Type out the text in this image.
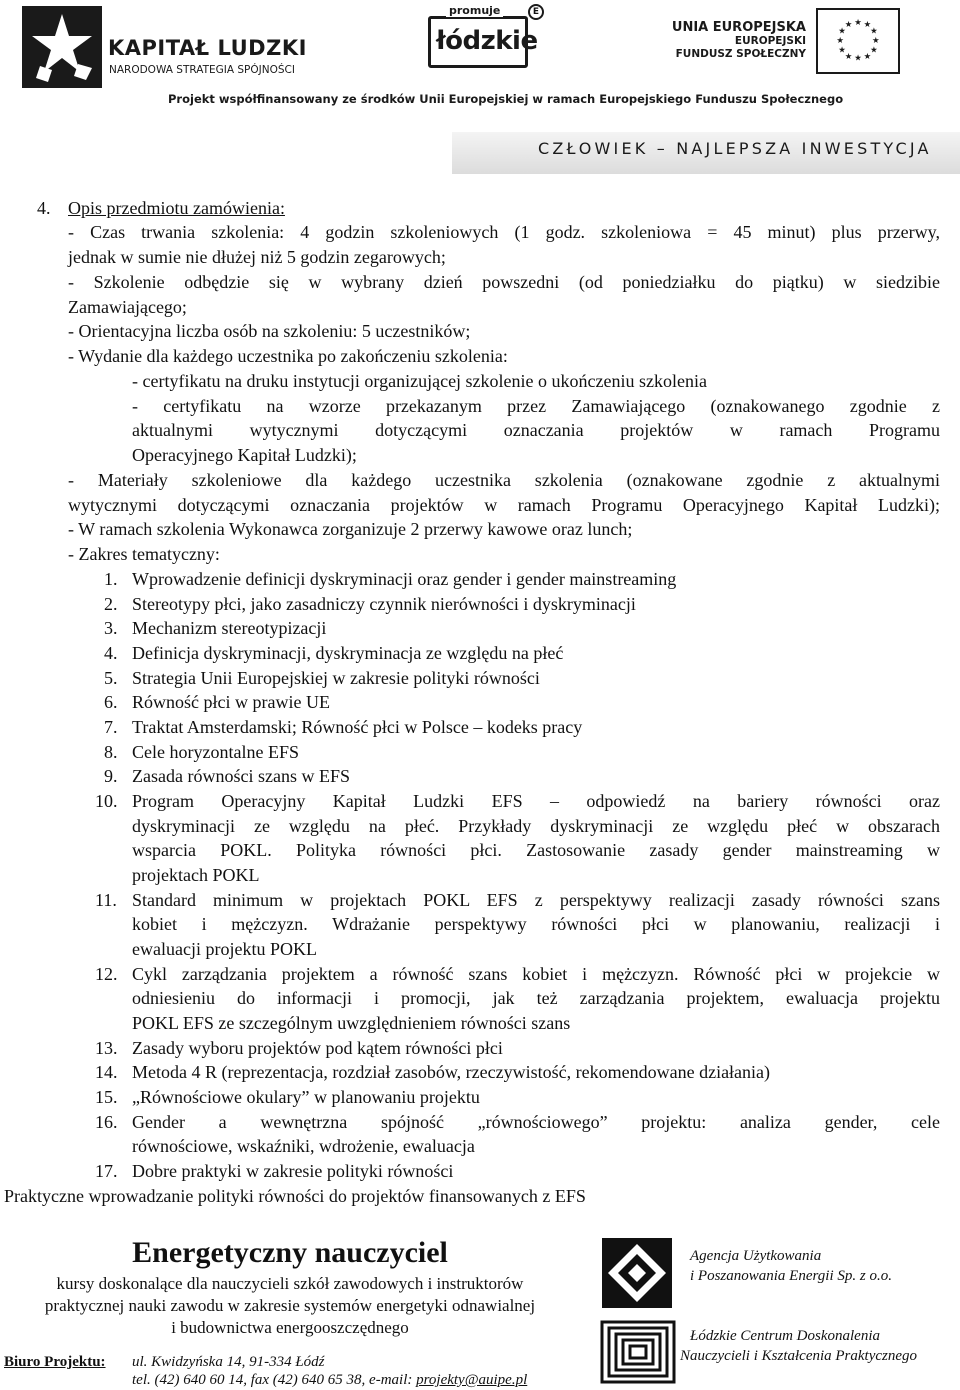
KAPITAŁ LUDZKI
NARODOWA STRATEGIA SPÓJNOŚCI
promuje
łódzkie
E
UNIA EUROPEJSKA
EUROPEJSKI
FUNDUSZ SPOŁECZNY
★ ★
★
★
★
★
★
★
★
★
★
★
Projekt współfinansowany ze środków Unii Europejskiej w ramach Europejskiego Funduszu Społecznego
CZŁOWIEK – NAJLEPSZA INWESTYCJA
4. Opis przedmiotu zamówienia:
- Czas trwania szkolenia: 4 godzin szkoleniowych (1 godz. szkoleniowa = 45 minut) plus przerwy,
jednak w sumie nie dłużej niż 5 godzin zegarowych;
- Szkolenie odbędzie się w wybrany dzień powszedni (od poniedziałku do piątku) w siedzibie
Zamawiającego;
- Orientacyjna liczba osób na szkoleniu: 5 uczestników;
- Wydanie dla każdego uczestnika po zakończeniu szkolenia:
- certyfikatu na druku instytucji organizującej szkolenie o ukończeniu szkolenia
- certyfikatu na wzorze przekazanym przez Zamawiającego (oznakowanego zgodnie z
aktualnymi wytycznymi dotyczącymi oznaczania projektów w ramach Programu
Operacyjnego Kapitał Ludzki);
- Materiały szkoleniowe dla każdego uczestnika szkolenia (oznakowane zgodnie z aktualnymi
wytycznymi dotyczącymi oznaczania projektów w ramach Programu Operacyjnego Kapitał Ludzki);
- W ramach szkolenia Wykonawca zorganizuje 2 przerwy kawowe oraz lunch;
- Zakres tematyczny:
1. Wprowadzenie definicji dyskryminacji oraz gender i gender mainstreaming
2. Stereotypy płci, jako zasadniczy czynnik nierówności i dyskryminacji
3. Mechanizm stereotypizacji
4. Definicja dyskryminacji, dyskryminacja ze względu na płeć
5. Strategia Unii Europejskiej w zakresie polityki równości
6. Równość płci w prawie UE
7. Traktat Amsterdamski; Równość płci w Polsce – kodeks pracy
8. Cele horyzontalne EFS
9. Zasada równości szans w EFS
10. Program Operacyjny Kapitał Ludzki EFS – odpowiedź na bariery równości oraz
dyskryminacji ze względu na płeć. Przykłady dyskryminacji ze względu płeć w obszarach
wsparcia POKL. Polityka równości płci. Zastosowanie zasady gender mainstreaming w
projektach POKL
11. Standard minimum w projektach POKL EFS z perspektywy realizacji zasady równości szans
kobiet i mężczyzn. Wdrażanie perspektywy równości płci w planowaniu, realizacji i
ewaluacji projektu POKL
12. Cykl zarządzania projektem a równość szans kobiet i mężczyzn. Równość płci w projekcie w
odniesieniu do informacji i promocji, jak też zarządzania projektem, ewaluacja projektu
POKL EFS ze szczególnym uwzględnieniem równości szans
13. Zasady wyboru projektów pod kątem równości płci
14. Metoda 4 R (reprezentacja, rozdział zasobów, rzeczywistość, rekomendowane działania)
15. „Równościowe okulary” w planowaniu projektu
16. Gender a wewnętrzna spójność „równościowego” projektu: analiza gender, cele
równościowe, wskaźniki, wdrożenie, ewaluacja
17. Dobre praktyki w zakresie polityki równości
Praktyczne wprowadzanie polityki równości do projektów finansowanych z EFS
Energetyczny nauczyciel
kursy doskonalące dla nauczycieli szkół zawodowych i instruktorów
praktycznej nauki zawodu w zakresie systemów energetyki odnawialnej
i budownictwa energooszczędnego
Biuro Projektu: ul. Kwidzyńska 14, 91-334 Łódź
tel. (42) 640 60 14, fax (42) 640 65 38, e-mail: projekty@auipe.pl
Agencja Użytkowania
i Poszanowania Energii Sp. z o.o.
Łódzkie Centrum Doskonalenia
Nauczycieli i Kształcenia Praktycznego
